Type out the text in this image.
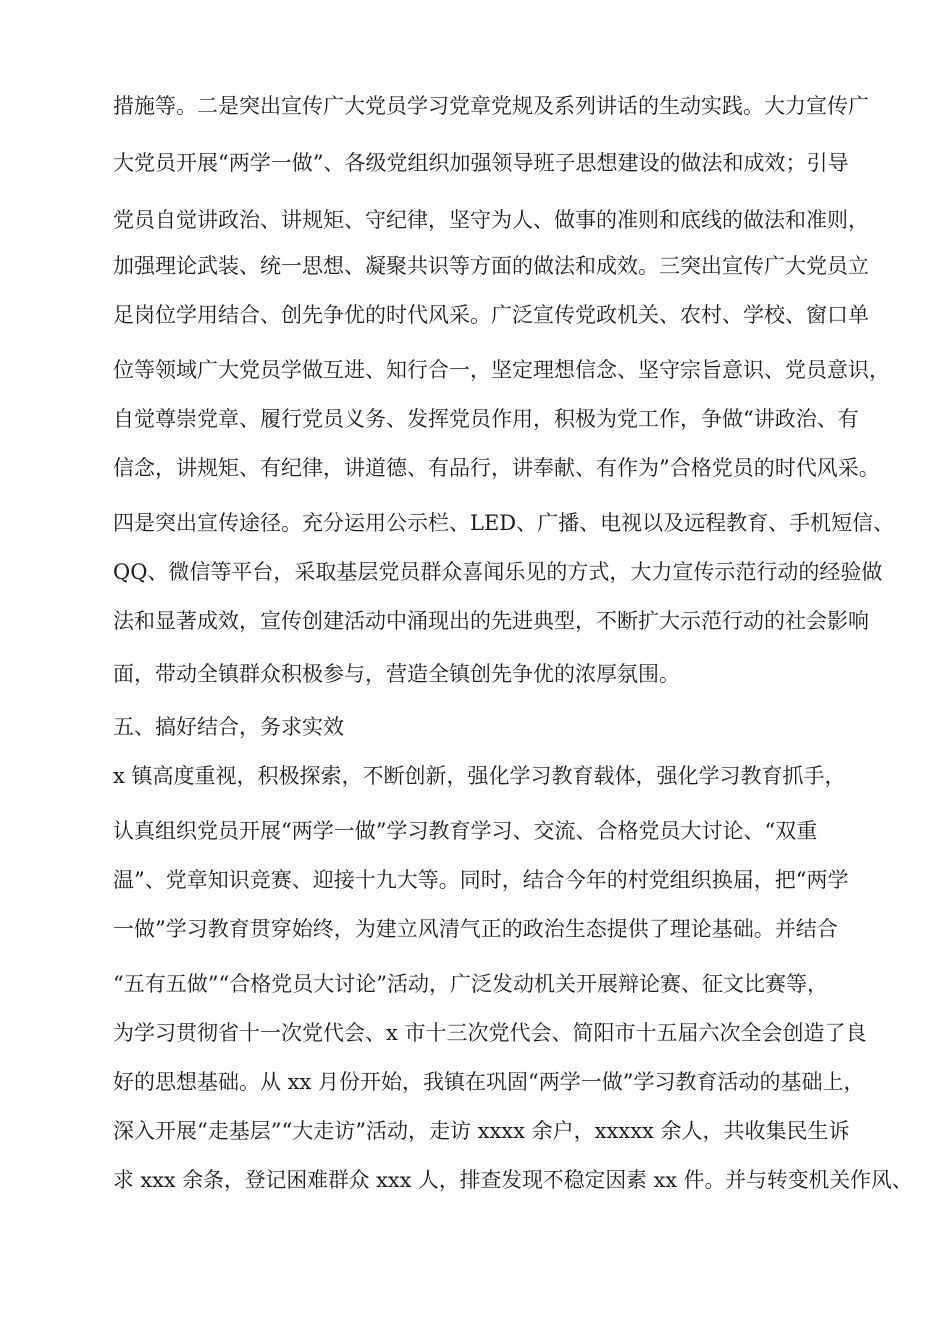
措施等。二是突出宣传广大党员学习党章党规及系列讲话的生动实践。大力宣传广
大党员开展“两学一做”、各级党组织加强领导班子思想建设的做法和成效；引导
党员自觉讲政治、讲规矩、守纪律，坚守为人、做事的准则和底线的做法和准则，
加强理论武装、统一思想、凝聚共识等方面的做法和成效。三突出宣传广大党员立
足岗位学用结合、创先争优的时代风采。广泛宣传党政机关、农村、学校、窗口单
位等领域广大党员学做互进、知行合一，坚定理想信念、坚守宗旨意识、党员意识，
自觉尊崇党章、履行党员义务、发挥党员作用，积极为党工作，争做“讲政治、有
信念，讲规矩、有纪律，讲道德、有品行，讲奉献、有作为”合格党员的时代风采。
四是突出宣传途径。充分运用公示栏、LED、广播、电视以及远程教育、手机短信、
QQ、微信等平台，采取基层党员群众喜闻乐见的方式，大力宣传示范行动的经验做
法和显著成效，宣传创建活动中涌现出的先进典型，不断扩大示范行动的社会影响
面，带动全镇群众积极参与，营造全镇创先争优的浓厚氛围。
五、搞好结合，务求实效
x 镇高度重视，积极探索，不断创新，强化学习教育载体，强化学习教育抓手，
认真组织党员开展“两学一做”学习教育学习、交流、合格党员大讨论、“双重
温”、党章知识竞赛、迎接十九大等。同时，结合今年的村党组织换届，把“两学
一做”学习教育贯穿始终，为建立风清气正的政治生态提供了理论基础。并结合
“五有五做”“合格党员大讨论”活动，广泛发动机关开展辩论赛、征文比赛等，
为学习贯彻省十一次党代会、x 市十三次党代会、简阳市十五届六次全会创造了良
好的思想基础。从 xx 月份开始，我镇在巩固“两学一做”学习教育活动的基础上，
深入开展“走基层”“大走访”活动，走访 xxxx 余户，xxxxx 余人，共收集民生诉
求 xxx 余条，登记困难群众 xxx 人，排查发现不稳定因素 xx 件。并与转变机关作风、
